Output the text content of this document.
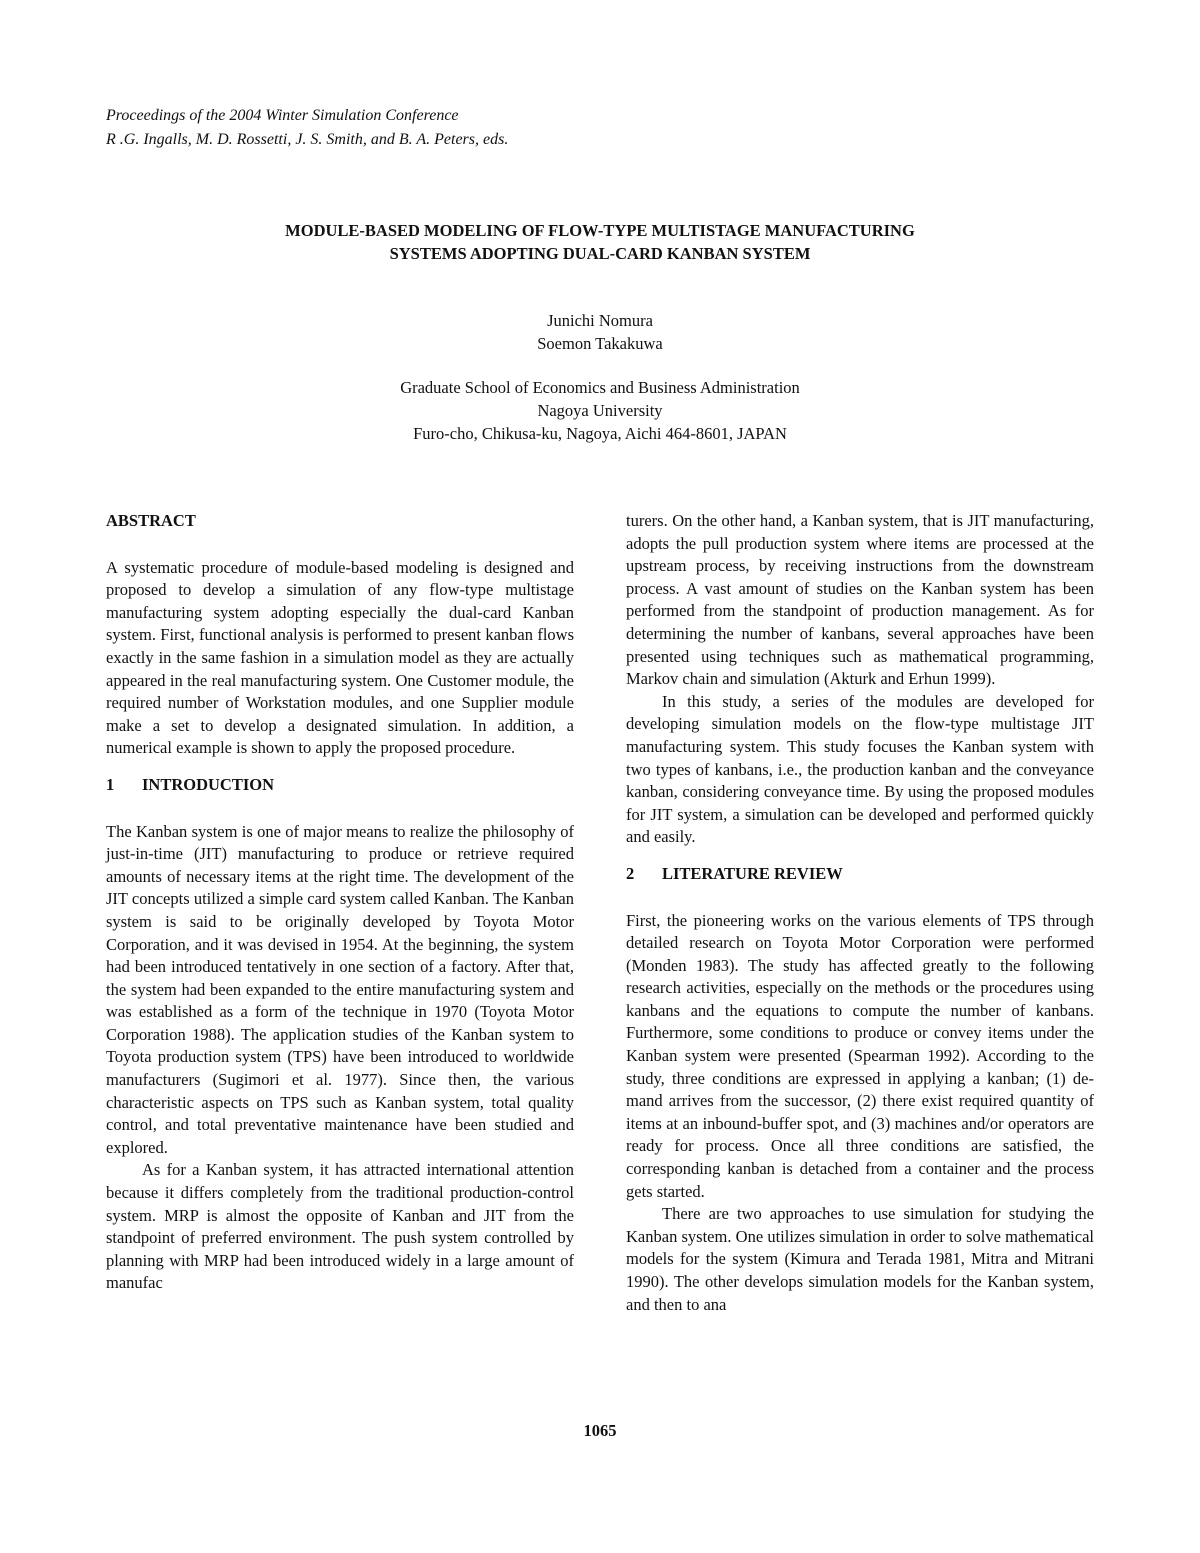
Proceedings of the 2004 Winter Simulation Conference
R .G. Ingalls, M. D. Rossetti, J. S. Smith, and B. A. Peters, eds.
MODULE-BASED MODELING OF FLOW-TYPE MULTISTAGE MANUFACTURING
SYSTEMS ADOPTING DUAL-CARD KANBAN SYSTEM
Junichi Nomura
Soemon Takakuwa
Graduate School of Economics and Business Administration
Nagoya University
Furo-cho, Chikusa-ku, Nagoya, Aichi 464-8601, JAPAN
ABSTRACT

A systematic procedure of module-based modeling is designed and proposed to develop a simulation of any flow-type multistage manufacturing system adopting especially the dual-card Kanban system. First, functional analysis is performed to present kanban flows exactly in the same fashion in a simulation model as they are actually appeared in the real manufacturing system. One Customer module, the required number of Workstation modules, and one Supplier module make a set to develop a designated simulation. In addition, a numerical example is shown to apply the proposed procedure.

1 INTRODUCTION

The Kanban system is one of major means to realize the philosophy of just-in-time (JIT) manufacturing to produce or retrieve required amounts of necessary items at the right time. The development of the JIT concepts utilized a simple card system called Kanban. The Kanban system is said to be originally developed by Toyota Motor Corporation, and it was devised in 1954. At the beginning, the system had been introduced tentatively in one section of a factory. After that, the system had been expanded to the entire manufacturing system and was established as a form of the technique in 1970 (Toyota Motor Corporation 1988). The application studies of the Kanban system to Toyota production system (TPS) have been introduced to worldwide manufacturers (Sugimori et al. 1977). Since then, the various characteristic aspects on TPS such as Kanban system, total quality control, and total preventative maintenance have been studied and explored.

As for a Kanban system, it has attracted international attention because it differs completely from the traditional production-control system. MRP is almost the opposite of Kanban and JIT from the standpoint of preferred environment. The push system controlled by planning with MRP had been introduced widely in a large amount of manufac

turers. On the other hand, a Kanban system, that is JIT manufacturing, adopts the pull production system where items are processed at the upstream process, by receiving instructions from the downstream process. A vast amount of studies on the Kanban system has been performed from the standpoint of production management. As for determining the number of kanbans, several approaches have been presented using techniques such as mathematical programming, Markov chain and simulation (Akturk and Erhun 1999).

In this study, a series of the modules are developed for developing simulation models on the flow-type multistage JIT manufacturing system. This study focuses the Kanban system with two types of kanbans, i.e., the production kanban and the conveyance kanban, considering conveyance time. By using the proposed modules for JIT system, a simulation can be developed and performed quickly and easily.

2 LITERATURE REVIEW

First, the pioneering works on the various elements of TPS through detailed research on Toyota Motor Corporation were performed (Monden 1983). The study has affected greatly to the following research activities, especially on the methods or the procedures using kanbans and the equations to compute the number of kanbans. Furthermore, some conditions to produce or convey items under the Kanban system were presented (Spearman 1992). According to the study, three conditions are expressed in applying a kanban; (1) demand arrives from the successor, (2) there exist required quantity of items at an inbound-buffer spot, and (3) machines and/or operators are ready for process. Once all three conditions are satisfied, the corresponding kanban is detached from a container and the process gets started.

There are two approaches to use simulation for studying the Kanban system. One utilizes simulation in order to solve mathematical models for the system (Kimura and Terada 1981, Mitra and Mitrani 1990). The other develops simulation models for the Kanban system, and then to ana

1065
